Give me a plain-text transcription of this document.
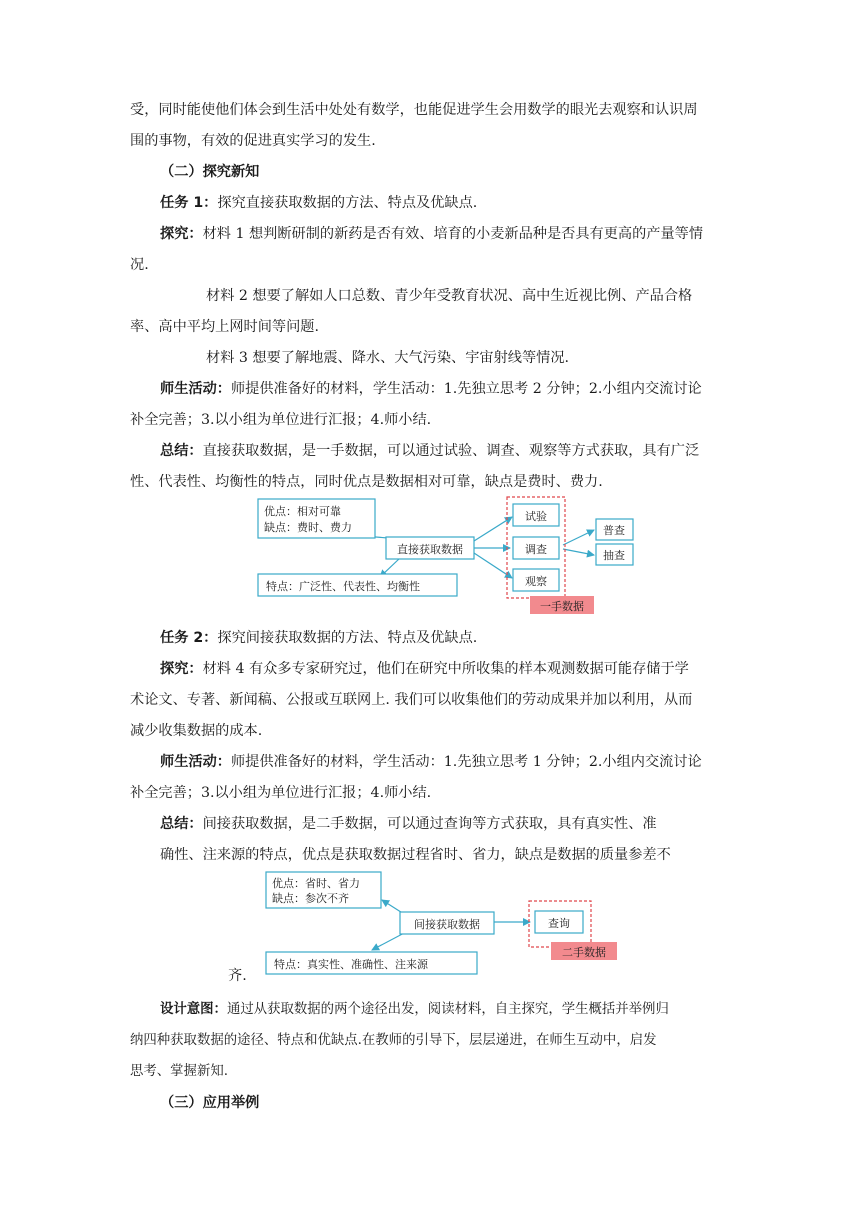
受，同时能使他们体会到生活中处处有数学，也能促进学生会用数学的眼光去观察和认识周
围的事物，有效的促进真实学习的发生.
（二）探究新知
任务 1：探究直接获取数据的方法、特点及优缺点.
探究：材料 1 想判断研制的新药是否有效、培育的小麦新品种是否具有更高的产量等情
况.
材料 2 想要了解如人口总数、青少年受教育状况、高中生近视比例、产品合格
率、高中平均上网时间等问题.
材料 3 想要了解地震、降水、大气污染、宇宙射线等情况.
师生活动：师提供准备好的材料，学生活动：1.先独立思考 2 分钟；2.小组内交流讨论
补全完善；3.以小组为单位进行汇报；4.师小结.
总结：直接获取数据，是一手数据，可以通过试验、调查、观察等方式获取，具有广泛
性、代表性、均衡性的特点，同时优点是数据相对可靠，缺点是费时、费力.
优点：相对可靠
缺点：费时、费力
直接获取数据
特点：广泛性、代表性、均衡性
试验
调查
观察
普查
抽查
一手数据
优点：省时、省力
缺点：参次不齐
间接获取数据
特点：真实性、准确性、注来源
查询
二手数据
任务 2：探究间接获取数据的方法、特点及优缺点.
探究：材料 4 有众多专家研究过，他们在研究中所收集的样本观测数据可能存储于学
术论文、专著、新闻稿、公报或互联网上. 我们可以收集他们的劳动成果并加以利用，从而
减少收集数据的成本.
师生活动：师提供准备好的材料，学生活动：1.先独立思考 1 分钟；2.小组内交流讨论
补全完善；3.以小组为单位进行汇报；4.师小结.
总结：间接获取数据，是二手数据，可以通过查询等方式获取，具有真实性、准
确性、注来源的特点，优点是获取数据过程省时、省力，缺点是数据的质量参差不
齐.
设计意图：通过从获取数据的两个途径出发，阅读材料，自主探究，学生概括并举例归
纳四种获取数据的途径、特点和优缺点.在教师的引导下，层层递进，在师生互动中，启发
思考、掌握新知.
（三）应用举例
